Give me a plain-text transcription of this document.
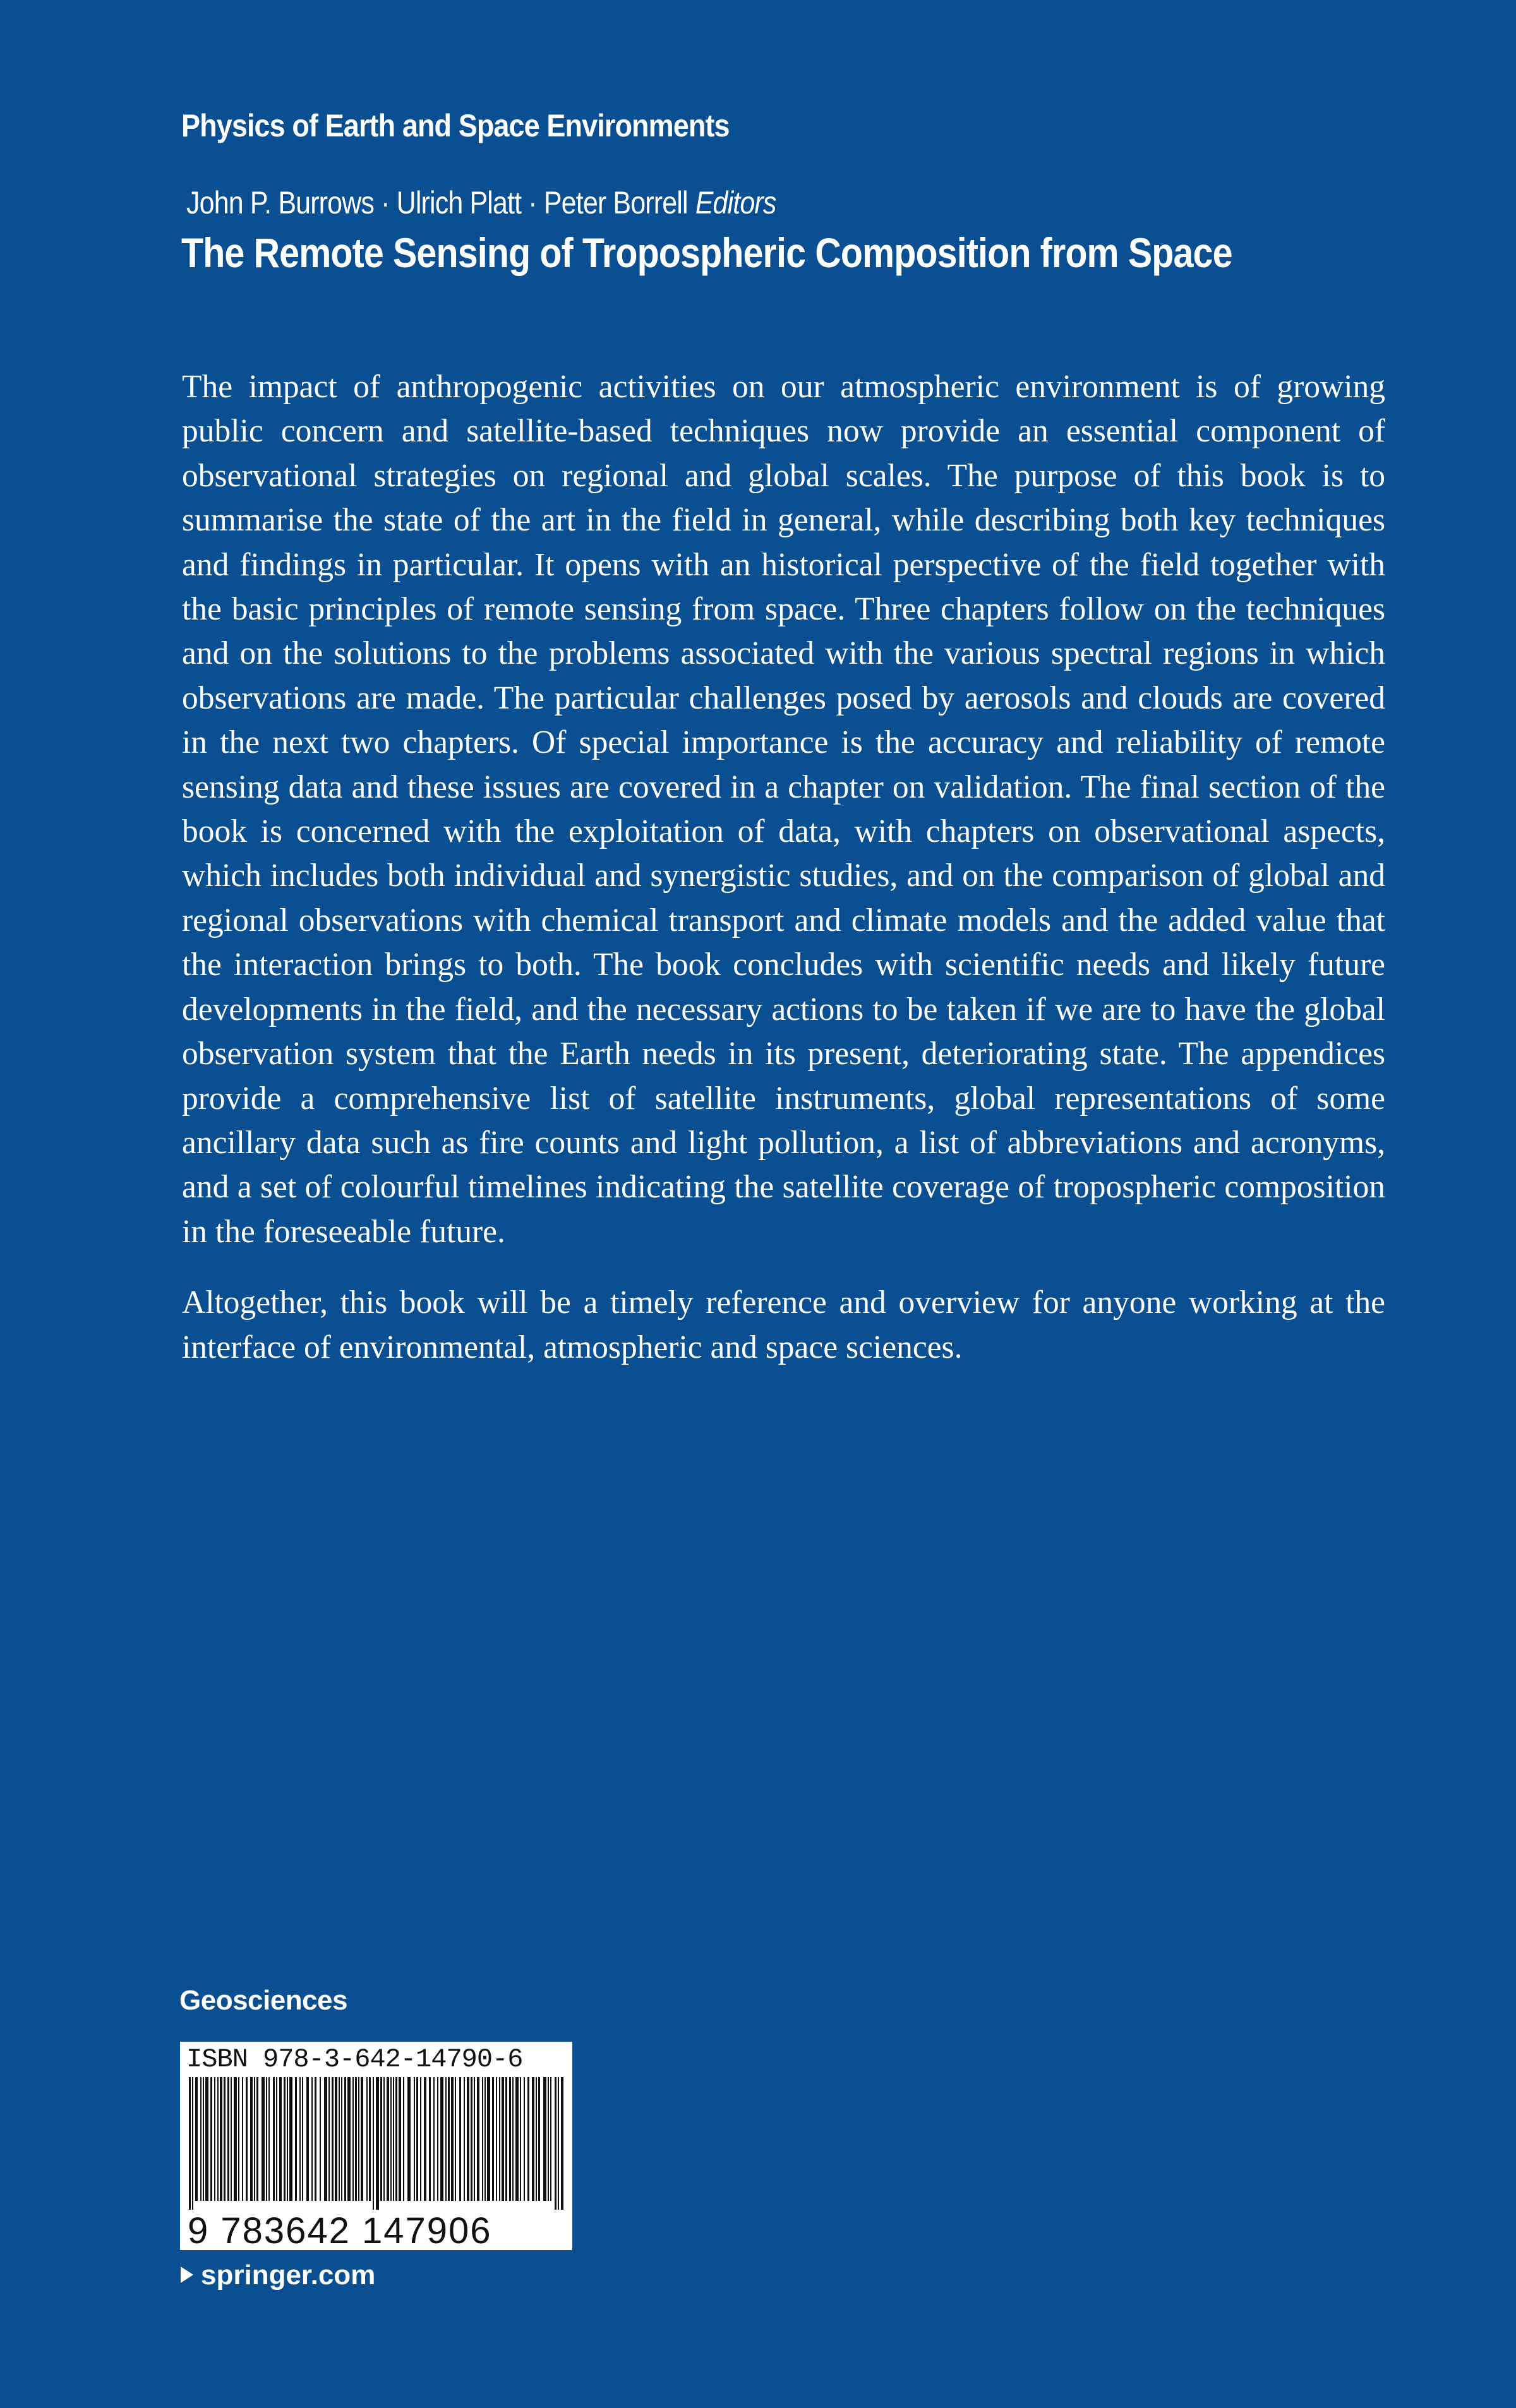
Physics of Earth and Space Environments
John P. Burrows · Ulrich Platt · Peter Borrell Editors
The Remote Sensing of Tropospheric Composition from Space

The impact of anthropogenic activities on our atmospheric environment is of growing public concern and satellite-based techniques now provide an essential component of observational strategies on regional and global scales. The purpose of this book is to summarise the state of the art in the field in general, while describing both key techniques and findings in particular. It opens with an historical perspective of the field together with the basic principles of remote sensing from space. Three chapters follow on the techniques and on the solutions to the problems associated with the various spectral regions in which observations are made. The particular challenges posed by aerosols and clouds are covered in the next two chapters. Of special importance is the accuracy and reliability of remote sensing data and these issues are covered in a chapter on validation. The final section of the book is concerned with the exploitation of data, with chapters on observational aspects, which includes both individual and synergistic studies, and on the comparison of global and regional observations with chemical transport and climate models and the added value that the interaction brings to both. The book concludes with scientific needs and likely future developments in the field, and the necessary actions to be taken if we are to have the global observation system that the Earth needs in its present, deteriorating state. The appendices provide a comprehensive list of satellite instruments, global representations of some ancillary data such as fire counts and light pollution, a list of abbreviations and acronyms, and a set of colourful timelines indicating the satellite coverage of tropospheric composition in the foreseeable future.

Altogether, this book will be a timely reference and overview for anyone working at the interface of environmental, atmospheric and space sciences.

Geosciences
ISBN 978-3-642-14790-6
9 783642 147906
springer.com
